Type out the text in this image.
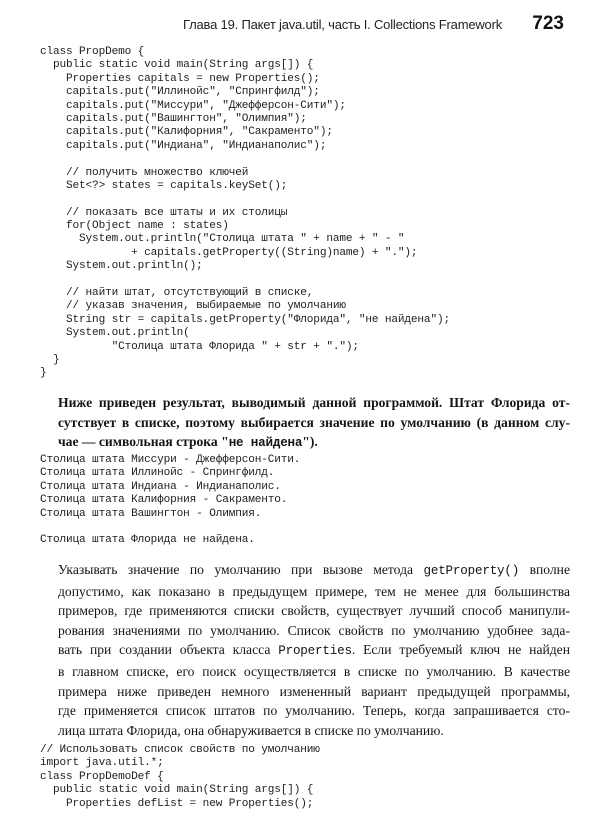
Глава 19. Пакет java.util, часть I. Collections Framework 723
class PropDemo {
public static void main(String args[]) {
Properties capitals = new Properties();
capitals.put("Иллинойс", "Спрингфилд");
capitals.put("Миссури", "Джефферсон-Сити");
capitals.put("Вашингтон", "Олимпия");
capitals.put("Калифорния", "Сакраменто");
capitals.put("Индиана", "Индианаполис");
// получить множество ключей
Set<?> states = capitals.keySet();
// показать все штаты и их столицы
for(Object name : states)
System.out.println("Столица штата " + name + " - "
+ capitals.getProperty((String)name) + ".");
System.out.println();
// найти штат, отсутствующий в списке,
// указав значения, выбираемые по умолчанию
String str = capitals.getProperty("Флорида", "не найдена");
System.out.println(
"Столица штата Флорида " + str + ".");
}
}
Ниже приведен результат, выводимый данной программой. Штат Флорида от-
сутствует в списке, поэтому выбирается значение по умолчанию (в данном слу-
чае — символьная строка "не найдена").
Столица штата Миссури - Джефферсон-Сити.
Столица штата Иллинойс - Спрингфилд.
Столица штата Индиана - Индианаполис.
Столица штата Калифорния - Сакраменто.
Столица штата Вашингтон - Олимпия.
Столица штата Флорида не найдена.
Указывать значение по умолчанию при вызове метода getProperty() вполне
допустимо, как показано в предыдущем примере, тем не менее для большинства
примеров, где применяются списки свойств, существует лучший способ манипули-
рования значениями по умолчанию. Список свойств по умолчанию удобнее зада-
вать при создании объекта класса Properties. Если требуемый ключ не найден
в главном списке, его поиск осуществляется в списке по умолчанию. В качестве
примера ниже приведен немного измененный вариант предыдущей программы,
где применяется список штатов по умолчанию. Теперь, когда запрашивается сто-
лица штата Флорида, она обнаруживается в списке по умолчанию.
// Использовать список свойств по умолчанию
import java.util.*;
class PropDemoDef {
public static void main(String args[]) {
Properties defList = new Properties();
